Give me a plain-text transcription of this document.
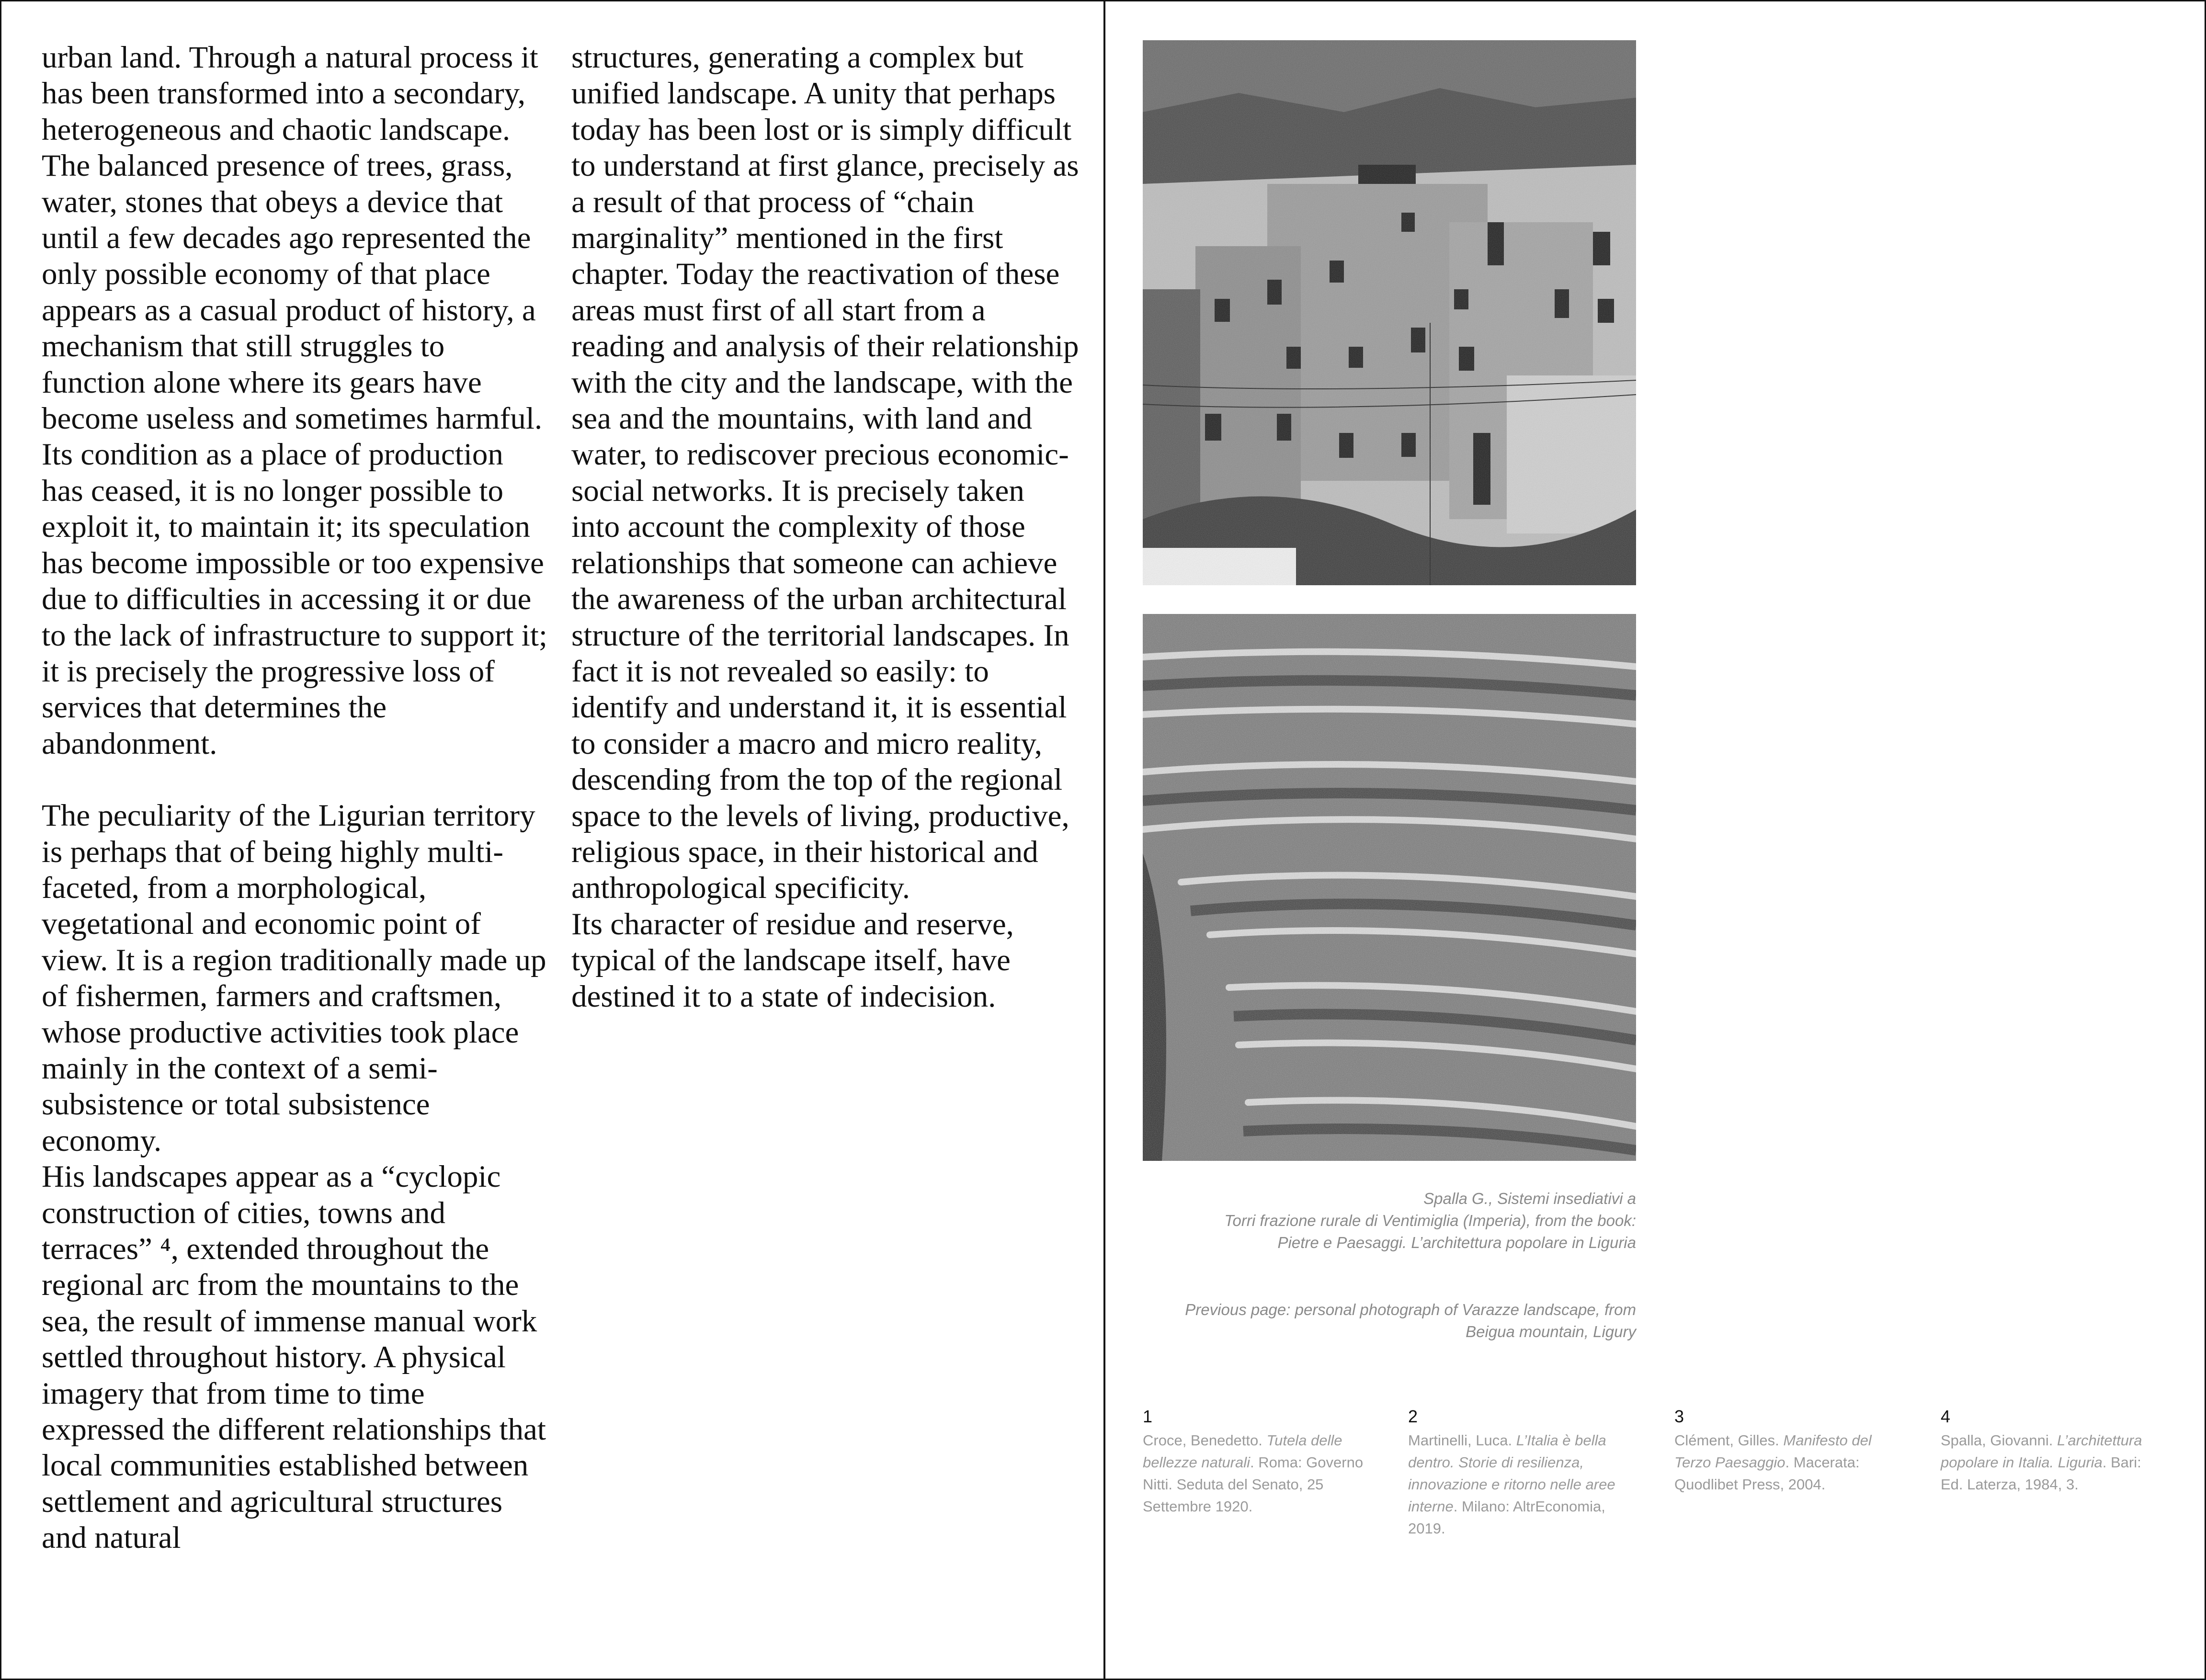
urban land. Through a natural process it has been transformed into a secondary, heterogeneous and chaotic landscape. The balanced presence of trees, grass, water, stones that obeys a device that until a few decades ago represented the only possible economy of that place appears as a casual product of history, a mechanism that still struggles to function alone where its gears have become useless and sometimes harmful. Its condition as a place of production has ceased, it is no longer possible to exploit it, to maintain it; its speculation has become impossible or too expensive due to difficulties in accessing it or due to the lack of infrastructure to support it; it is precisely the progressive loss of services that determines the abandonment.

The peculiarity of the Ligurian territory is perhaps that of being highly multi-faceted, from a morphological, vegetational and economic point of view. It is a region traditionally made up of fishermen, farmers and craftsmen, whose productive activities took place mainly in the context of a semi-subsistence or total subsistence economy.

His landscapes appear as a “cyclopic construction of cities, towns and terraces” ⁴, extended throughout the regional arc from the mountains to the sea, the result of immense manual work settled throughout history. A physical imagery that from time to time expressed the different relationships that local communities established between settlement and agricultural structures and natural

structures, generating a complex but unified landscape. A unity that perhaps today has been lost or is simply difficult to understand at first glance, precisely as a result of that process of “chain marginality” mentioned in the first chapter. Today the reactivation of these areas must first of all start from a reading and analysis of their relationship with the city and the landscape, with the sea and the mountains, with land and water, to rediscover precious economic-social networks. It is precisely taken into account the complexity of those relationships that someone can achieve the awareness of the urban architectural structure of the territorial landscapes. In fact it is not revealed so easily: to identify and understand it, it is essential to consider a macro and micro reality, descending from the top of the regional space to the levels of living, productive, religious space, in their historical and anthropological specificity.

Its character of residue and reserve, typical of the landscape itself, have destined it to a state of indecision.

Spalla G., Sistemi insediativi a
Torri frazione rurale di Ventimiglia (Imperia), from the book:
Pietre e Paesaggi. L’architettura popolare in Liguria
Previous page: personal photograph of Varazze landscape, from
Beigua mountain, Ligury
1
Croce, Benedetto. Tutela delle bellezze naturali. Roma: Governo Nitti. Seduta del Senato, 25 Settembre 1920.
2
Martinelli, Luca. L’Italia è bella dentro. Storie di resilienza, innovazione e ritorno nelle aree interne. Milano: AltrEconomia, 2019.
3
Clément, Gilles. Manifesto del Terzo Paesaggio. Macerata: Quodlibet Press, 2004.
4
Spalla, Giovanni. L’architettura popolare in Italia. Liguria. Bari: Ed. Laterza, 1984, 3.
